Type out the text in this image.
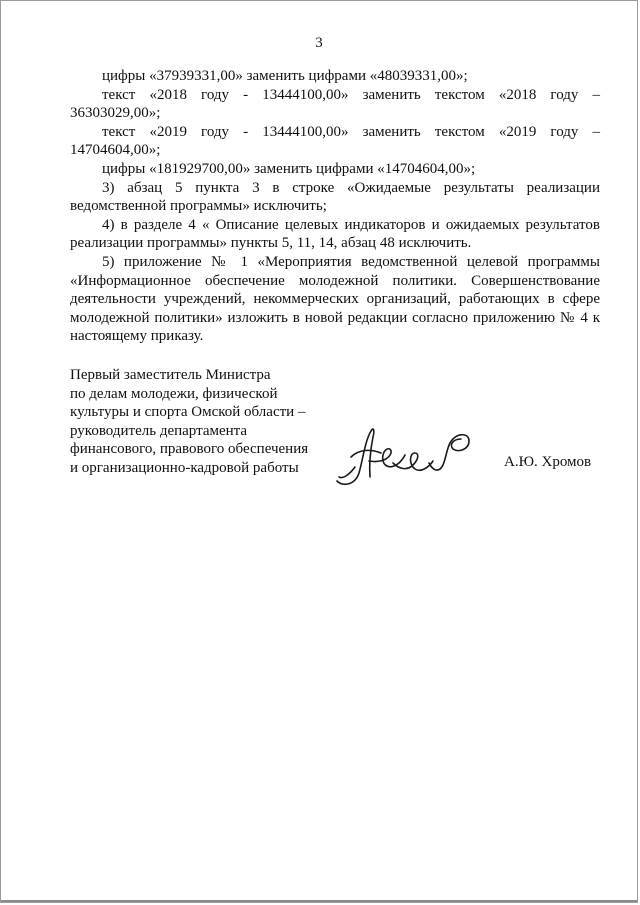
3

цифры «37939331,00» заменить цифрами «48039331,00»;

текст «2018 году - 13444100,00» заменить текстом «2018 году – 36303029,00»;

текст «2019 году - 13444100,00» заменить текстом «2019 году – 14704604,00»;

цифры «181929700,00» заменить цифрами «14704604,00»;

3) абзац 5 пункта 3 в строке «Ожидаемые результаты реализации ведомственной программы» исключить;

4) в разделе 4 « Описание целевых индикаторов и ожидаемых результатов реализации программы» пункты 5, 11, 14, абзац 48 исключить.

5) приложение № 1 «Мероприятия ведомственной целевой программы «Информационное обеспечение молодежной политики. Совершенствование деятельности учреждений, некоммерческих организаций, работающих в сфере молодежной политики» изложить в новой редакции согласно приложению № 4 к настоящему приказу.

Первый заместитель Министра
по делам молодежи, физической
культуры и спорта Омской области –
руководитель департамента
финансового, правового обеспечения
и организационно-кадровой работы	А.Ю. Хромов
